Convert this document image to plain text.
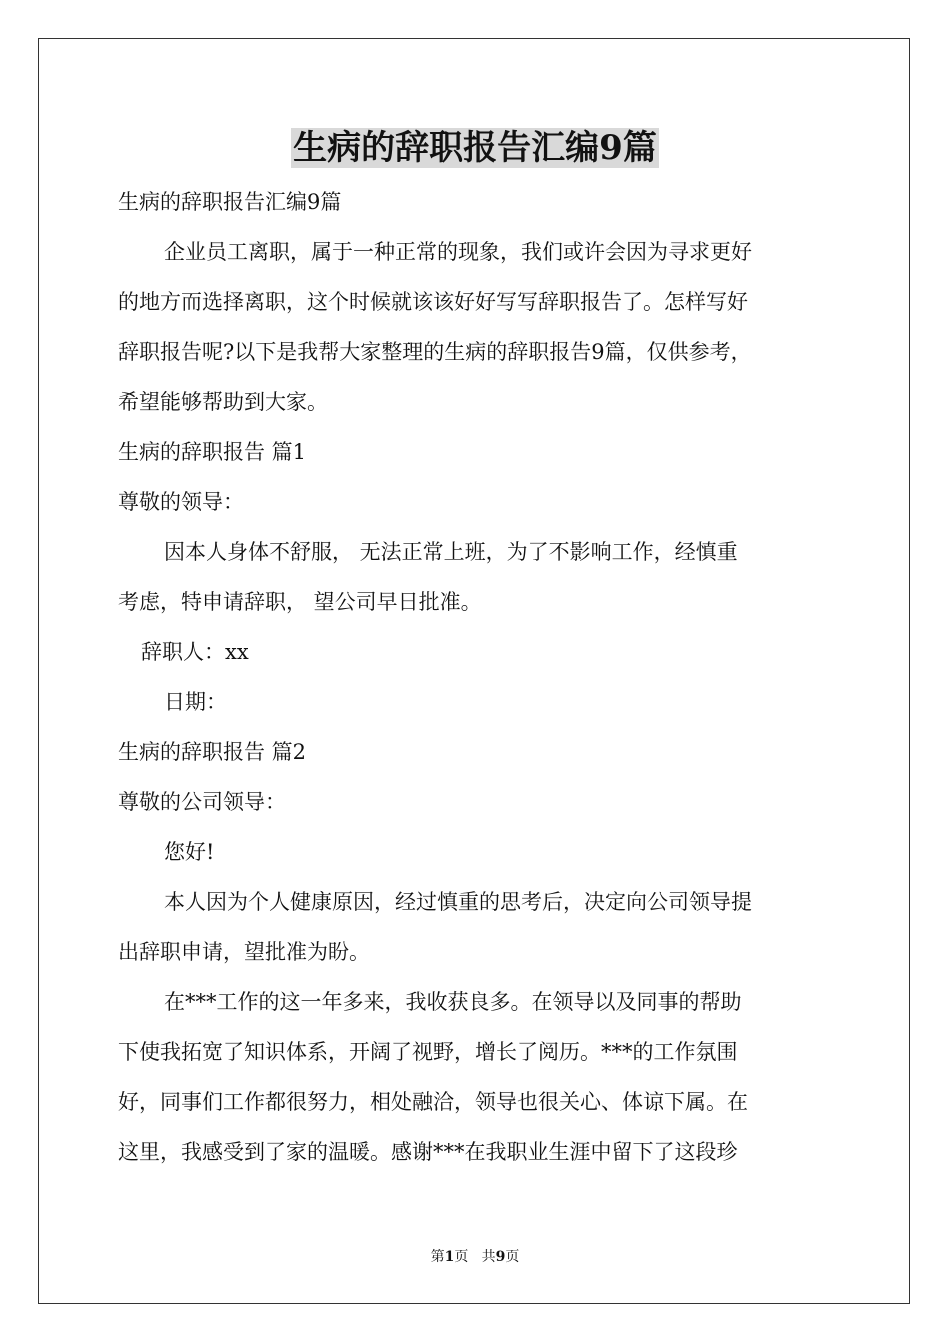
生病的辞职报告汇编9篇

生病的辞职报告汇编9篇

企业员工离职，属于一种正常的现象，我们或许会因为寻求更好

的地方而选择离职，这个时候就该该好好写写辞职报告了。怎样写好

辞职报告呢?以下是我帮大家整理的生病的辞职报告9篇，仅供参考，

希望能够帮助到大家。

生病的辞职报告 篇1

尊敬的领导：

因本人身体不舒服， 无法正常上班，为了不影响工作，经慎重

考虑，特申请辞职， 望公司早日批准。

辞职人：xx

日期：

生病的辞职报告 篇2

尊敬的公司领导：

您好!

本人因为个人健康原因，经过慎重的思考后，决定向公司领导提

出辞职申请，望批准为盼。

在***工作的这一年多来，我收获良多。在领导以及同事的帮助

下使我拓宽了知识体系，开阔了视野，增长了阅历。***的工作氛围

好，同事们工作都很努力，相处融洽，领导也很关心、体谅下属。在

这里，我感受到了家的温暖。感谢***在我职业生涯中留下了这段珍

第1页   共9页
